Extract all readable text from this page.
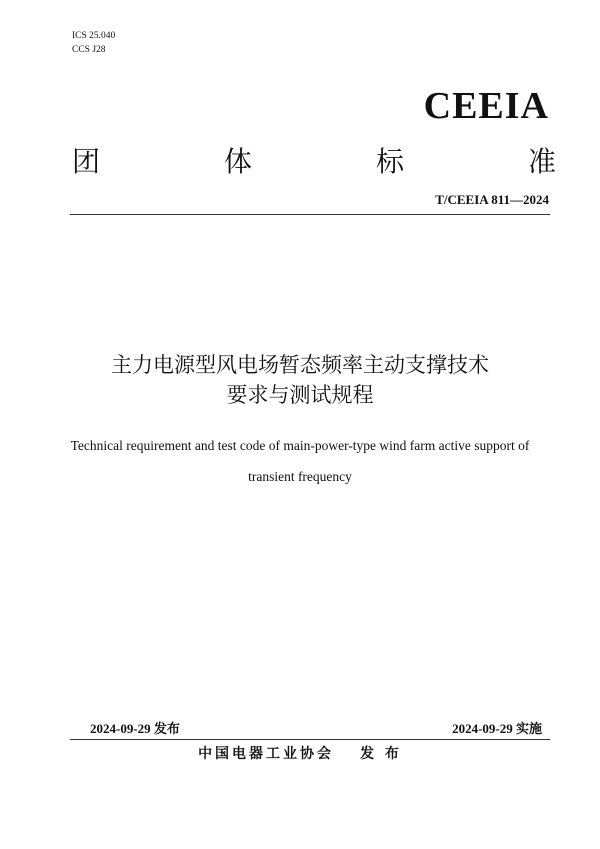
ICS 25.040
CCS J28
CEEIA
团	体	标	准
T/CEEIA 811—2024
主力电源型风电场暂态频率主动支撑技术
要求与测试规程
Technical requirement and test code of main-power-type wind farm active support of
transient frequency
2024-09-29 发布	2024-09-29 实施
中国电器工业协会 发 布
